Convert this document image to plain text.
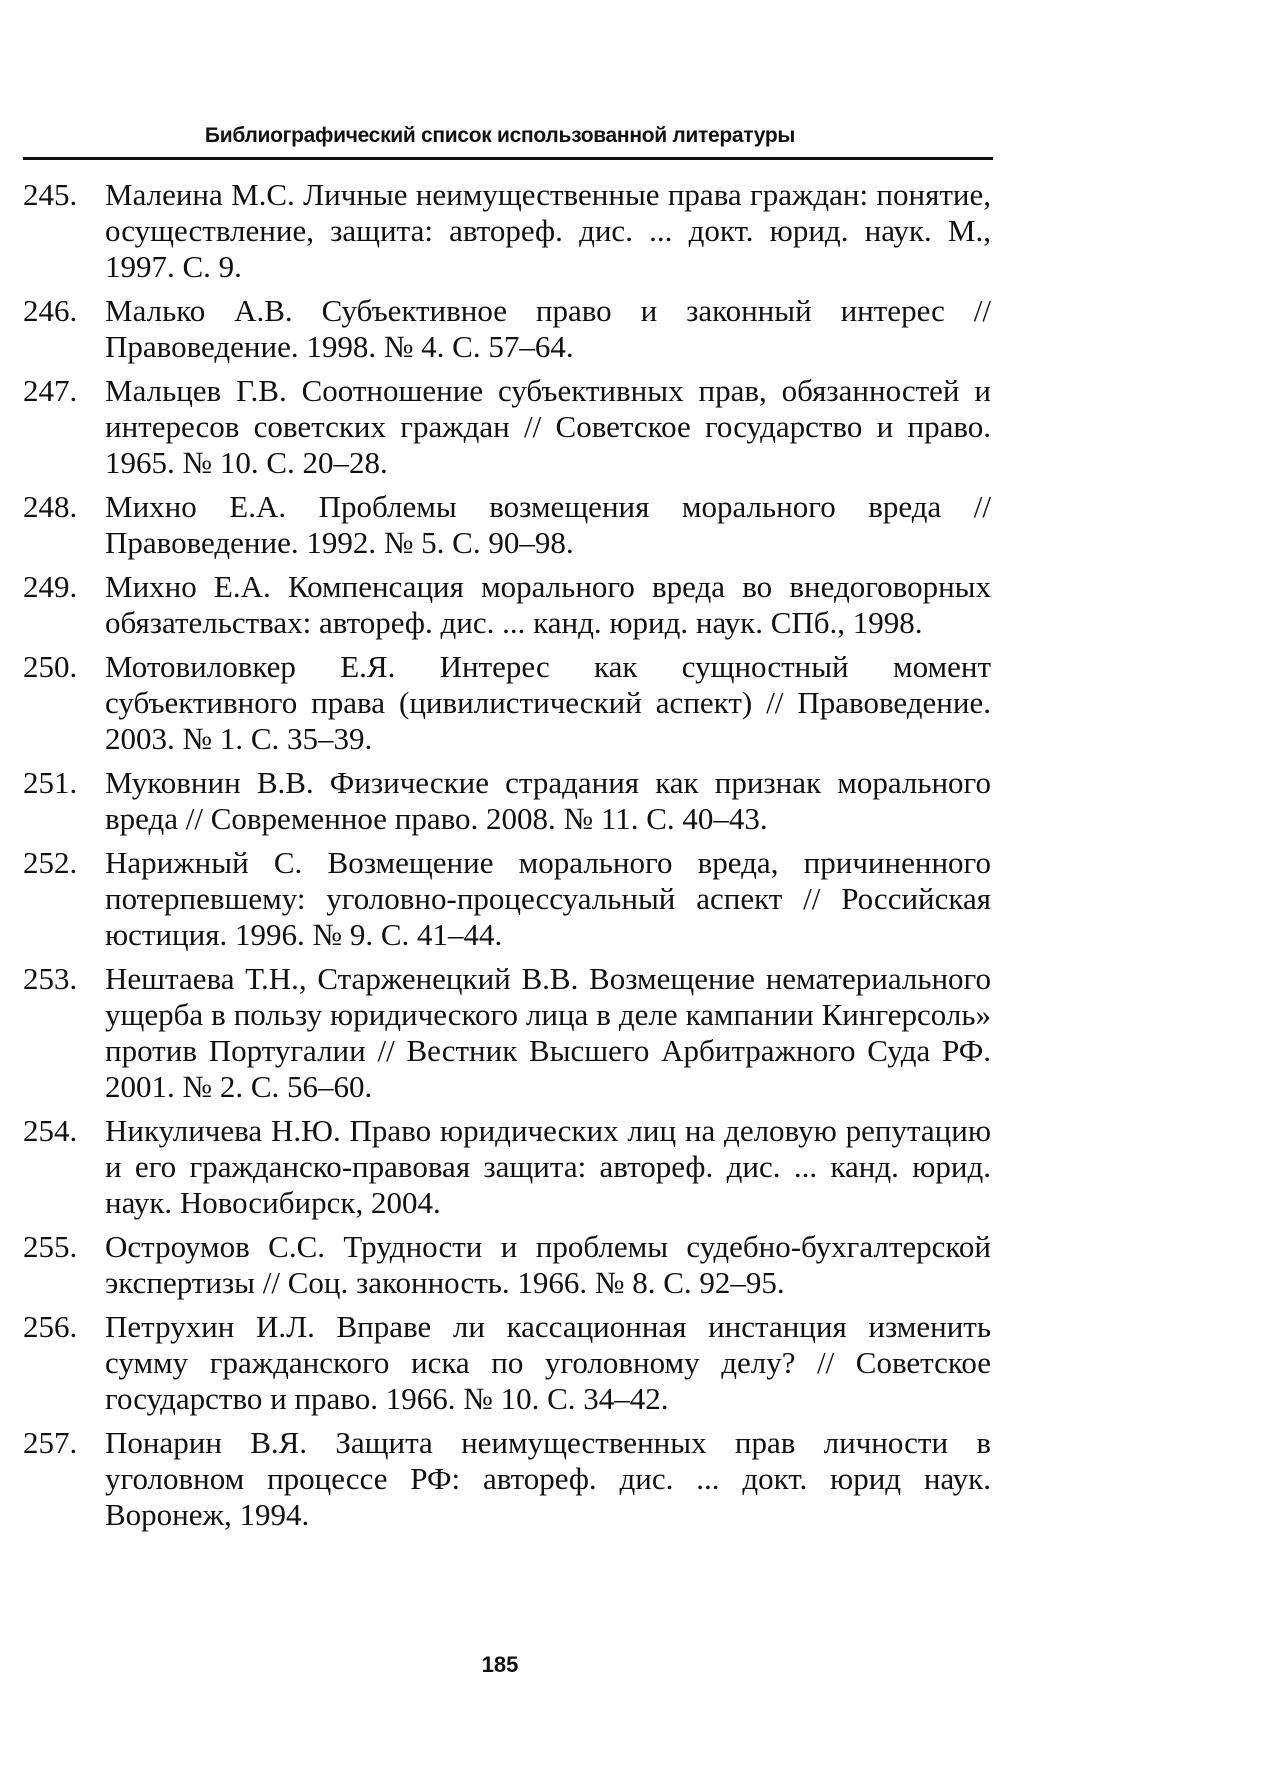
Библиографический список использованной литературы
245. Малеина М.С. Личные неимущественные права граждан: понятие, осуществление, защита: автореф. дис. ... докт. юрид. наук. М., 1997. С. 9.
246. Малько А.В. Субъективное право и законный интерес // Правоведение. 1998. № 4. С. 57–64.
247. Мальцев Г.В. Соотношение субъективных прав, обязанностей и интересов советских граждан // Советское государство и право. 1965. № 10. С. 20–28.
248. Михно Е.А. Проблемы возмещения морального вреда // Правоведение. 1992. № 5. С. 90–98.
249. Михно Е.А. Компенсация морального вреда во внедоговорных обязательствах: автореф. дис. ... канд. юрид. наук. СПб., 1998.
250. Мотовиловкер Е.Я. Интерес как сущностный момент субъективного права (цивилистический аспект) // Правоведение. 2003. № 1. С. 35–39.
251. Муковнин В.В. Физические страдания как признак морального вреда // Современное право. 2008. № 11. С. 40–43.
252. Нарижный С. Возмещение морального вреда, причиненного потерпевшему: уголовно-процессуальный аспект // Российская юстиция. 1996. № 9. С. 41–44.
253. Нештаева Т.Н., Старженецкий В.В. Возмещение нематериального ущерба в пользу юридического лица в деле кампании Кингерсоль» против Португалии // Вестник Высшего Арбитражного Суда РФ. 2001. № 2. С. 56–60.
254. Никуличева Н.Ю. Право юридических лиц на деловую репутацию и его гражданско-правовая защита: автореф. дис. ... канд. юрид. наук. Новосибирск, 2004.
255. Остроумов С.С. Трудности и проблемы судебно-бухгалтерской экспертизы // Соц. законность. 1966. № 8. С. 92–95.
256. Петрухин И.Л. Вправе ли кассационная инстанция изменить сумму гражданского иска по уголовному делу? // Советское государство и право. 1966. № 10. С. 34–42.
257. Понарин В.Я. Защита неимущественных прав личности в уголовном процессе РФ: автореф. дис. ... докт. юрид наук. Воронеж, 1994.
185
